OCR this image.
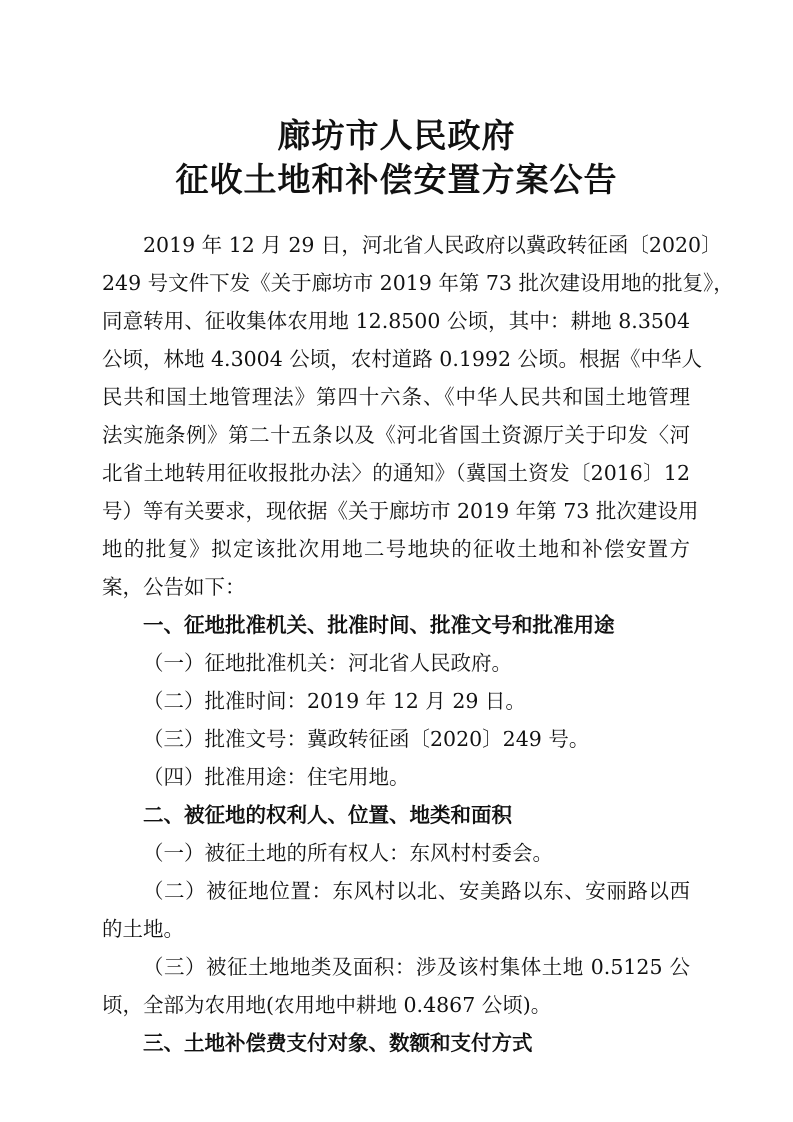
廊坊市人民政府
征收土地和补偿安置方案公告
2019 年 12 月 29 日，河北省人民政府以冀政转征函〔2020〕
249 号文件下发《关于廊坊市 2019 年第 73 批次建设用地的批复》，
同意转用、征收集体农用地 12.8500 公顷，其中：耕地 8.3504
公顷，林地 4.3004 公顷，农村道路 0.1992 公顷。根据《中华人
民共和国土地管理法》第四十六条、《中华人民共和国土地管理
法实施条例》第二十五条以及《河北省国土资源厅关于印发〈河
北省土地转用征收报批办法〉的通知》（冀国土资发〔2016〕12
号）等有关要求，现依据《关于廊坊市 2019 年第 73 批次建设用
地的批复》拟定该批次用地二号地块的征收土地和补偿安置方
案，公告如下：
一、征地批准机关、批准时间、批准文号和批准用途
（一）征地批准机关：河北省人民政府。
（二）批准时间：2019 年 12 月 29 日。
（三）批准文号：冀政转征函〔2020〕249 号。
（四）批准用途：住宅用地。
二、被征地的权利人、位置、地类和面积
（一）被征土地的所有权人：东风村村委会。
（二）被征地位置：东风村以北、安美路以东、安丽路以西
的土地。
（三）被征土地地类及面积：涉及该村集体土地 0.5125 公
顷，全部为农用地(农用地中耕地 0.4867 公顷)。
三、土地补偿费支付对象、数额和支付方式
